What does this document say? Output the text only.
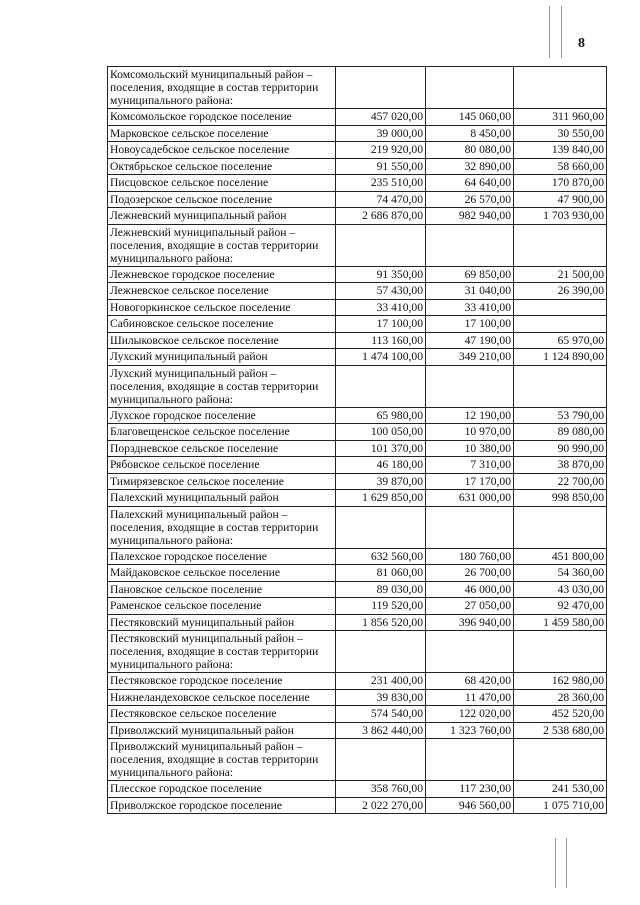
8
Комсомольский муниципальный район – поселения, входящие в состав территории муниципального района:			
Комсомольское городское поселение	457 020,00	145 060,00	311 960,00
Марковское сельское поселение	39 000,00	8 450,00	30 550,00
Новоусадебское сельское поселение	219 920,00	80 080,00	139 840,00
Октябрьское сельское поселение	91 550,00	32 890,00	58 660,00
Писцовское сельское поселение	235 510,00	64 640,00	170 870,00
Подозерское сельское поселение	74 470,00	26 570,00	47 900,00
Лежневский муниципальный район	2 686 870,00	982 940,00	1 703 930,00
Лежневский муниципальный район – поселения, входящие в состав территории муниципального района:			
Лежневское городское поселение	91 350,00	69 850,00	21 500,00
Лежневское сельское поселение	57 430,00	31 040,00	26 390,00
Новогоркинское сельское поселение	33 410,00	33 410,00	
Сабиновское сельское поселение	17 100,00	17 100,00	
Шилыковское сельское поселение	113 160,00	47 190,00	65 970,00
Лухский муниципальный район	1 474 100,00	349 210,00	1 124 890,00
Лухский муниципальный район – поселения, входящие в состав территории муниципального района:			
Лухское городское поселение	65 980,00	12 190,00	53 790,00
Благовещенское сельское поселение	100 050,00	10 970,00	89 080,00
Порздневское сельское поселение	101 370,00	10 380,00	90 990,00
Рябовское сельское поселение	46 180,00	7 310,00	38 870,00
Тимирязевское сельское поселение	39 870,00	17 170,00	22 700,00
Палехский муниципальный район	1 629 850,00	631 000,00	998 850,00
Палехский муниципальный район – поселения, входящие в состав территории муниципального района:			
Палехское городское поселение	632 560,00	180 760,00	451 800,00
Майдаковское сельское поселение	81 060,00	26 700,00	54 360,00
Пановское сельское поселение	89 030,00	46 000,00	43 030,00
Раменское сельское поселение	119 520,00	27 050,00	92 470,00
Пестяковский муниципальный район	1 856 520,00	396 940,00	1 459 580,00
Пестяковский муниципальный район – поселения, входящие в состав территории муниципального района:			
Пестяковское городское поселение	231 400,00	68 420,00	162 980,00
Нижнеландеховское сельское поселение	39 830,00	11 470,00	28 360,00
Пестяковское сельское поселение	574 540,00	122 020,00	452 520,00
Приволжский муниципальный район	3 862 440,00	1 323 760,00	2 538 680,00
Приволжский муниципальный район – поселения, входящие в состав территории муниципального района:			
Плесское городское поселение	358 760,00	117 230,00	241 530,00
Приволжское городское поселение	2 022 270,00	946 560,00	1 075 710,00
